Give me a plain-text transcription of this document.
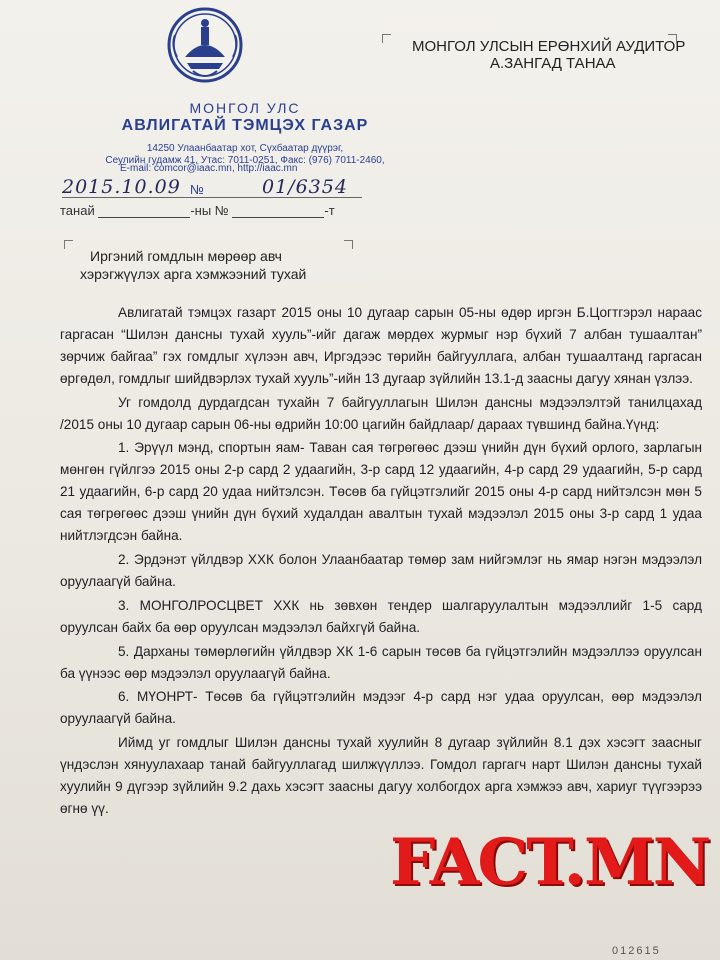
МОНГОЛ УЛС
АВЛИГАТАЙ ТЭМЦЭХ ГАЗАР
14250 Улаанбаатар хот, Сүхбаатар дүүрэг,
Сеулийн гудамж 41, Утас: 7011-0251, Факс: (976) 7011-2460,
E-mail: comcor@iaac.mn, http://iaac.mn
МОНГОЛ УЛСЫН ЕРӨНХИЙ АУДИТОР
А.ЗАНГАД ТАНАА
2015.10.09 №	01/6354
танай	-ны №	-т
Иргэний гомдлын мөрөөр авч
хэрэгжүүлэх арга хэмжээний тухай

Авлигатай тэмцэх газарт 2015 оны 10 дугаар сарын 05-ны өдөр иргэн Б.Цогтгэрэл нараас гаргасан “Шилэн дансны тухай хууль”-ийг дагаж мөрдөх журмыг нэр бүхий 7 албан тушаалтан” зөрчиж байгаа” гэх гомдлыг хүлээн авч, Иргэдээс төрийн байгууллага, албан тушаалтанд гаргасан өргөдөл, гомдлыг шийдвэрлэх тухай хууль”-ийн 13 дугаар зүйлийн 13.1-д заасны дагуу хянан үзлээ.

Уг гомдолд дурдагдсан тухайн 7 байгууллагын Шилэн дансны мэдээлэлтэй танилцахад /2015 оны 10 дугаар сарын 06-ны өдрийн 10:00 цагийн байдлаар/ дараах түвшинд байна.Үүнд:

1. Эрүүл мэнд, спортын яам- Таван сая төгрөгөөс дээш үнийн дүн бүхий орлого, зарлагын мөнгөн гүйлгээ 2015 оны 2-р сард 2 удаагийн, 3-р сард 12 удаагийн, 4-р сард 29 удаагийн, 5-р сард 21 удаагийн, 6-р сард 20 удаа нийтэлсэн. Төсөв ба гүйцэтгэлийг 2015 оны 4-р сард нийтэлсэн мөн 5 сая төгрөгөөс дээш үнийн дүн бүхий худалдан авалтын тухай мэдээлэл 2015 оны 3-р сард 1 удаа нийтлэгдсэн байна.

2. Эрдэнэт үйлдвэр ХХК болон Улаанбаатар төмөр зам нийгэмлэг нь ямар нэгэн мэдээлэл оруулаагүй байна.

3. МОНГОЛРОСЦВЕТ ХХК нь зөвхөн тендер шалгаруулалтын мэдээллийг 1-5 сард оруулсан байх ба өөр оруулсан мэдээлэл байхгүй байна.

5. Дарханы төмөрлөгийн үйлдвэр ХК 1-6 сарын төсөв ба гүйцэтгэлийн мэдээллээ оруулсан ба үүнээс өөр мэдээлэл оруулаагүй байна.

6. МҮОНРТ- Төсөв ба гүйцэтгэлийн мэдээг 4-р сард нэг удаа оруулсан, өөр мэдээлэл оруулаагүй байна.

Иймд уг гомдлыг Шилэн дансны тухай хуулийн 8 дугаар зүйлийн 8.1 дэх хэсэгт заасныг үндэслэн хянуулахаар танай байгууллагад шилжүүллээ. Гомдол гаргагч нарт Шилэн дансны тухай хуулийн 9 дүгээр зүйлийн 9.2 дахь хэсэгт заасны дагуу холбогдох арга хэмжээ авч, хариуг түүгээрээ өгнө үү.

FACT.MN
012615
